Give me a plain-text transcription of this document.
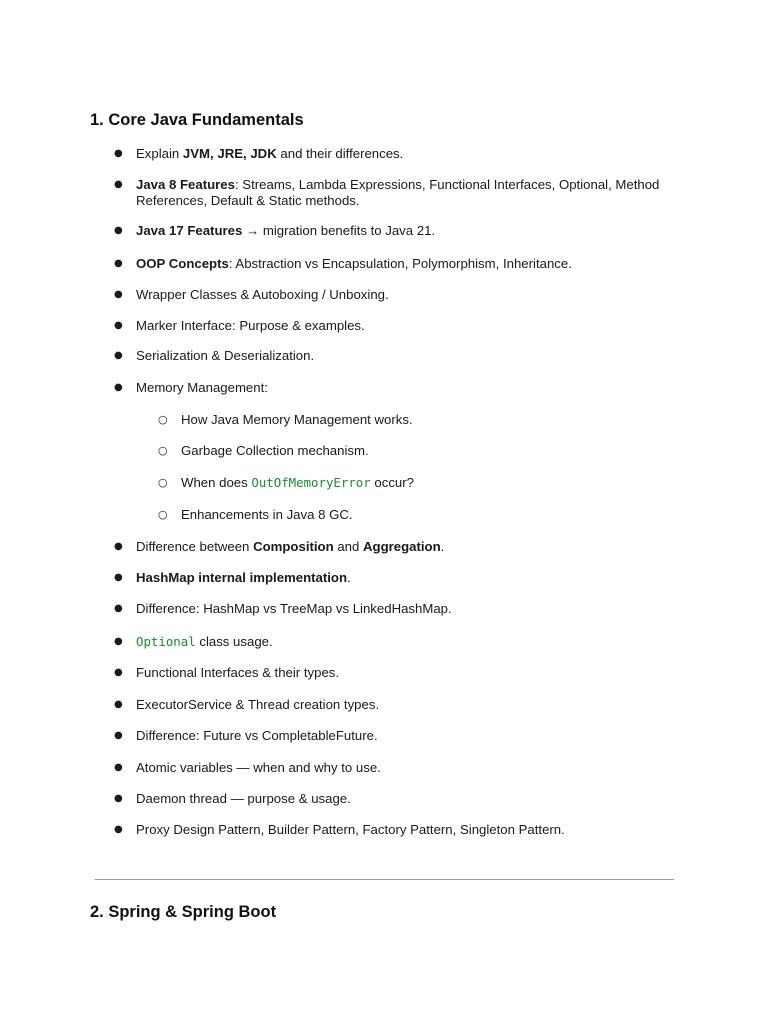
1. Core Java Fundamentals
● Explain JVM, JRE, JDK and their differences.
● Java 8 Features: Streams, Lambda Expressions, Functional Interfaces, Optional, Method References, Default & Static methods.
● Java 17 Features → migration benefits to Java 21.
● OOP Concepts: Abstraction vs Encapsulation, Polymorphism, Inheritance.
● Wrapper Classes & Autoboxing / Unboxing.
● Marker Interface: Purpose & examples.
● Serialization & Deserialization.
● Memory Management:
○ How Java Memory Management works.
○ Garbage Collection mechanism.
○ When does OutOfMemoryError occur?
○ Enhancements in Java 8 GC.
● Difference between Composition and Aggregation.
● HashMap internal implementation.
● Difference: HashMap vs TreeMap vs LinkedHashMap.
● Optional class usage.
● Functional Interfaces & their types.
● ExecutorService & Thread creation types.
● Difference: Future vs CompletableFuture.
● Atomic variables — when and why to use.
● Daemon thread — purpose & usage.
● Proxy Design Pattern, Builder Pattern, Factory Pattern, Singleton Pattern.
2. Spring & Spring Boot
